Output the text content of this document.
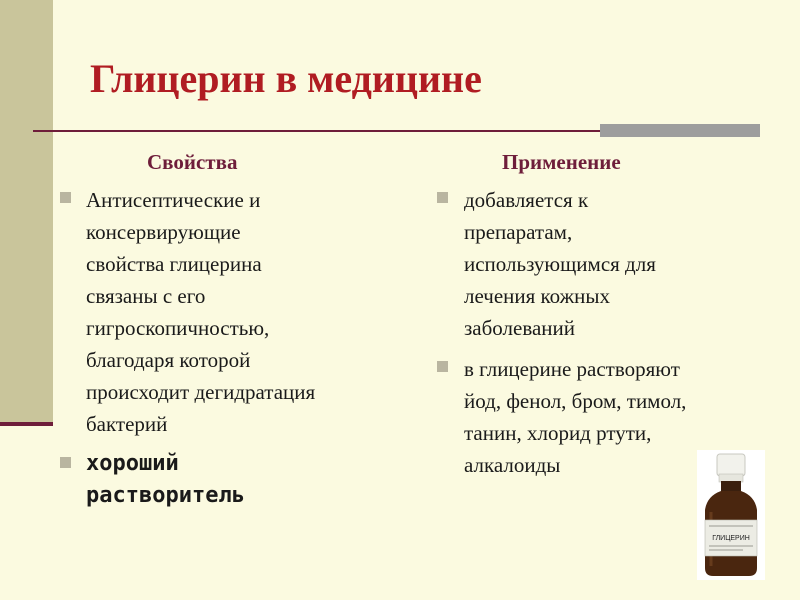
Глицерин в медицине
Свойства
Антисептические и
консервирующие
свойства глицерина
связаны с его
гигроскопичностью,
благодаря которой
происходит дегидратация
бактерий
хороший
растворитель
Применение
добавляется к
препаратам,
использующимся для
лечения кожных
заболеваний
в глицерине растворяют
йод, фенол, бром, тимол,
танин, хлорид ртути,
алкалоиды
ГЛИЦЕРИН
